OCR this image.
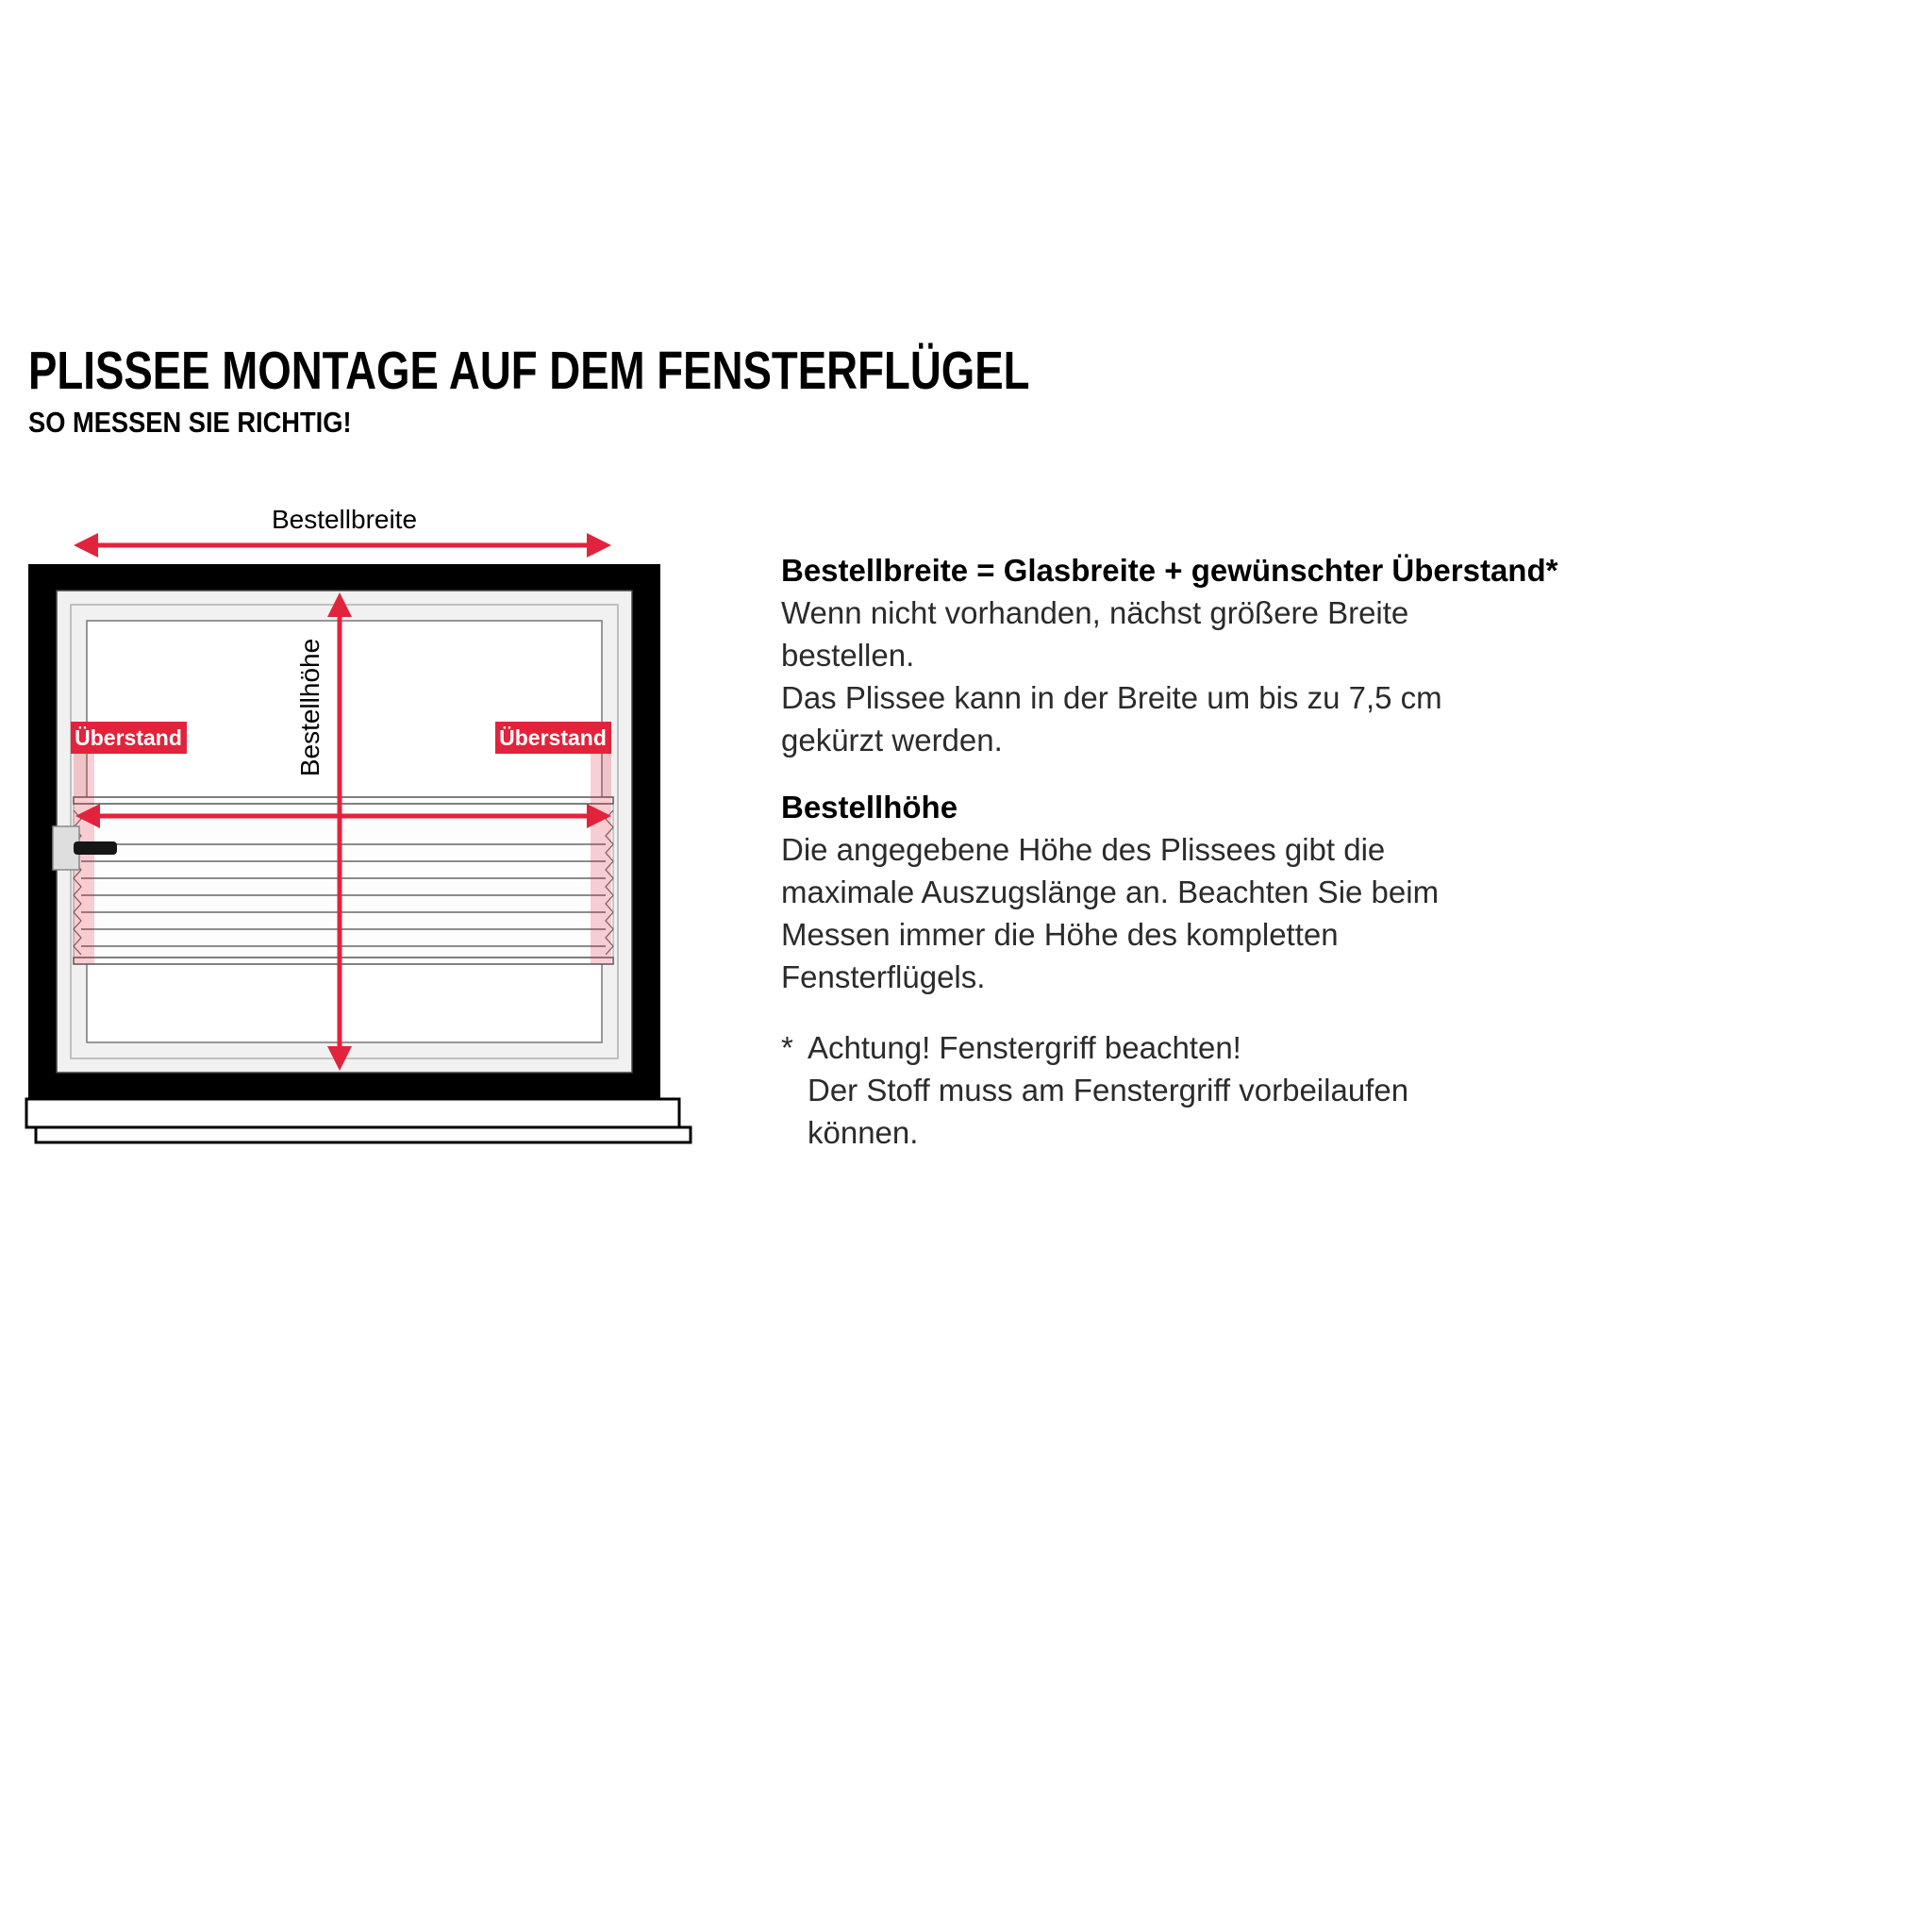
PLISSEE MONTAGE AUF DEM FENSTERFLÜGEL
SO MESSEN SIE RICHTIG!
Bestellbreite
Bestellhöhe
Überstand	Überstand

Bestellbreite = Glasbreite + gewünschter Überstand*

Wenn nicht vorhanden, nächst größere Breite bestellen.

Das Plissee kann in der Breite um bis zu 7,5 cm gekürzt werden.

Bestellhöhe

Die angegebene Höhe des Plissees gibt die maximale Auszugslänge an. Beachten Sie beim Messen immer die Höhe des kompletten Fensterflügels.

* Achtung! Fenstergriff beachten!

Der Stoff muss am Fenstergriff vorbeilaufen können.
